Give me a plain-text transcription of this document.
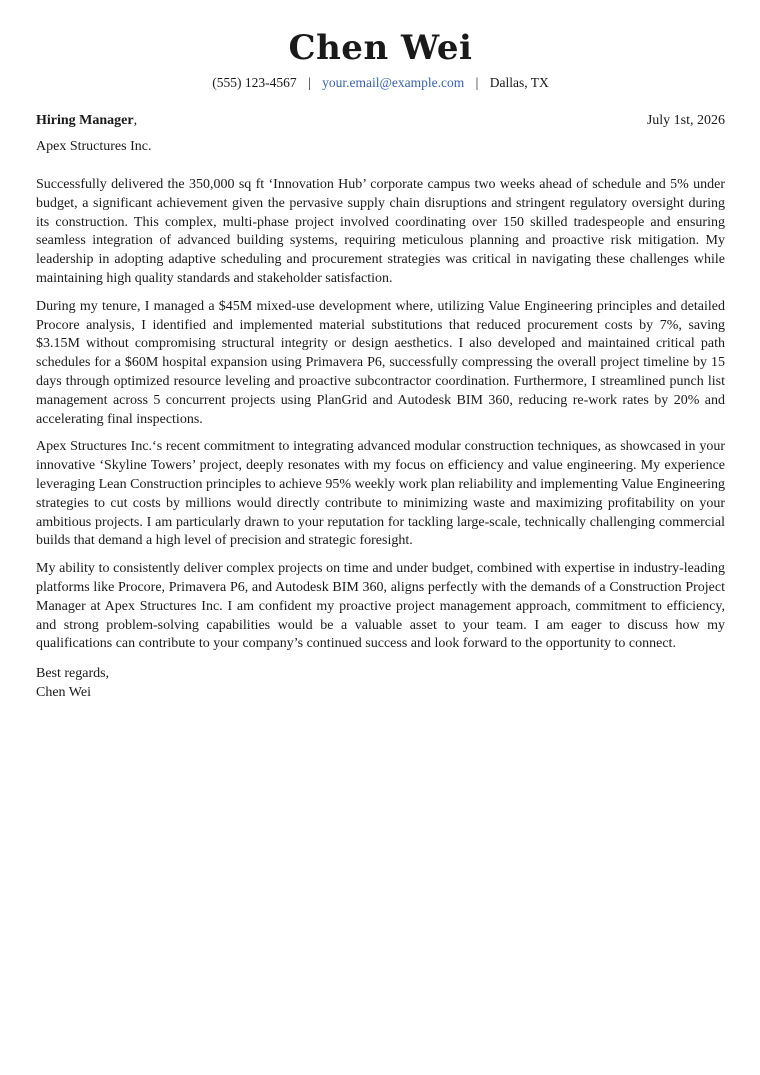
Chen Wei
(555) 123-4567 | your.email@example.com | Dallas, TX
Hiring Manager,	July 1st, 2026
Apex Structures Inc.

Successfully delivered the 350,000 sq ft ‘Innovation Hub’ corporate campus two weeks ahead of schedule and 5% under budget, a significant achievement given the pervasive supply chain disruptions and stringent regulatory oversight during its construction. This complex, multi-phase project involved coordinating over 150 skilled tradespeople and ensuring seamless integration of advanced building systems, requiring meticulous planning and proactive risk mitigation. My leadership in adopting adaptive scheduling and procurement strategies was critical in navigating these challenges while maintaining high quality standards and stakeholder satisfaction.

During my tenure, I managed a $45M mixed-use development where, utilizing Value Engineering principles and detailed Procore analysis, I identified and implemented material substitutions that reduced procurement costs by 7%, saving $3.15M without compromising structural integrity or design aesthetics. I also developed and maintained critical path schedules for a $60M hospital expansion using Primavera P6, successfully compressing the overall project timeline by 15 days through optimized resource leveling and proactive subcontractor coordination. Furthermore, I streamlined punch list management across 5 concurrent projects using PlanGrid and Autodesk BIM 360, reducing re-work rates by 20% and accelerating final inspections.

Apex Structures Inc.‘s recent commitment to integrating advanced modular construction techniques, as showcased in your innovative ‘Skyline Towers’ project, deeply resonates with my focus on efficiency and value engineering. My experience leveraging Lean Construction principles to achieve 95% weekly work plan reliability and implementing Value Engineering strategies to cut costs by millions would directly contribute to minimizing waste and maximizing profitability on your ambitious projects. I am particularly drawn to your reputation for tackling large-scale, technically challenging commercial builds that demand a high level of precision and strategic foresight.

My ability to consistently deliver complex projects on time and under budget, combined with expertise in industry-leading platforms like Procore, Primavera P6, and Autodesk BIM 360, aligns perfectly with the demands of a Construction Project Manager at Apex Structures Inc. I am confident my proactive project management approach, commitment to efficiency, and strong problem-solving capabilities would be a valuable asset to your team. I am eager to discuss how my qualifications can contribute to your company’s continued success and look forward to the opportunity to connect.

Best regards,
Chen Wei
